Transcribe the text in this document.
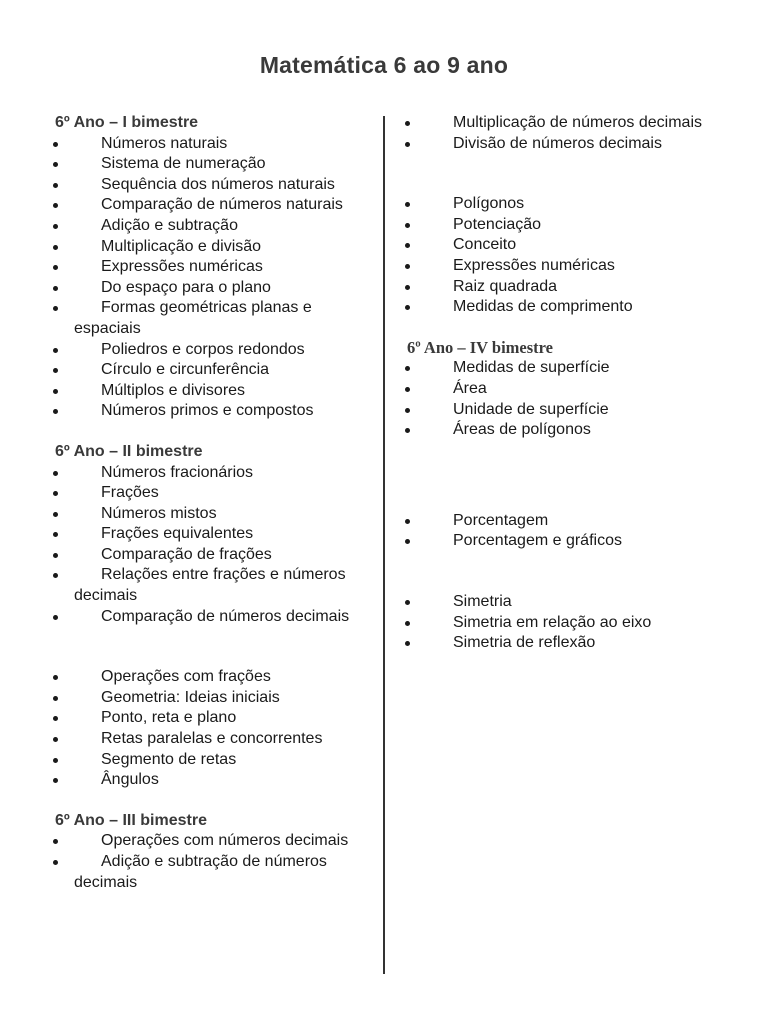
Matemática 6 ao 9 ano
6º Ano – I bimestre
Números naturais
Sistema de numeração
Sequência dos números naturais
Comparação de números naturais
Adição e subtração
Multiplicação e divisão
Expressões numéricas
Do espaço para o plano
Formas geométricas planas e espaciais
Poliedros e corpos redondos
Círculo e circunferência
Múltiplos e divisores
Números primos e compostos
6º Ano – II bimestre
Números fracionários
Frações
Números mistos
Frações equivalentes
Comparação de frações
Relações entre frações e números decimais
Comparação de números decimais
Operações com frações
Geometria: Ideias iniciais
Ponto, reta e plano
Retas paralelas e concorrentes
Segmento de retas
Ângulos
6º Ano – III bimestre
Operações com números decimais
Adição e subtração de números decimais
Multiplicação de números decimais
Divisão de números decimais
Polígonos
Potenciação
Conceito
Expressões numéricas
Raiz quadrada
Medidas de comprimento
6º Ano – IV bimestre
Medidas de superfície
Área
Unidade de superfície
Áreas de polígonos
Porcentagem
Porcentagem e gráficos
Simetria
Simetria em relação ao eixo
Simetria de reflexão
